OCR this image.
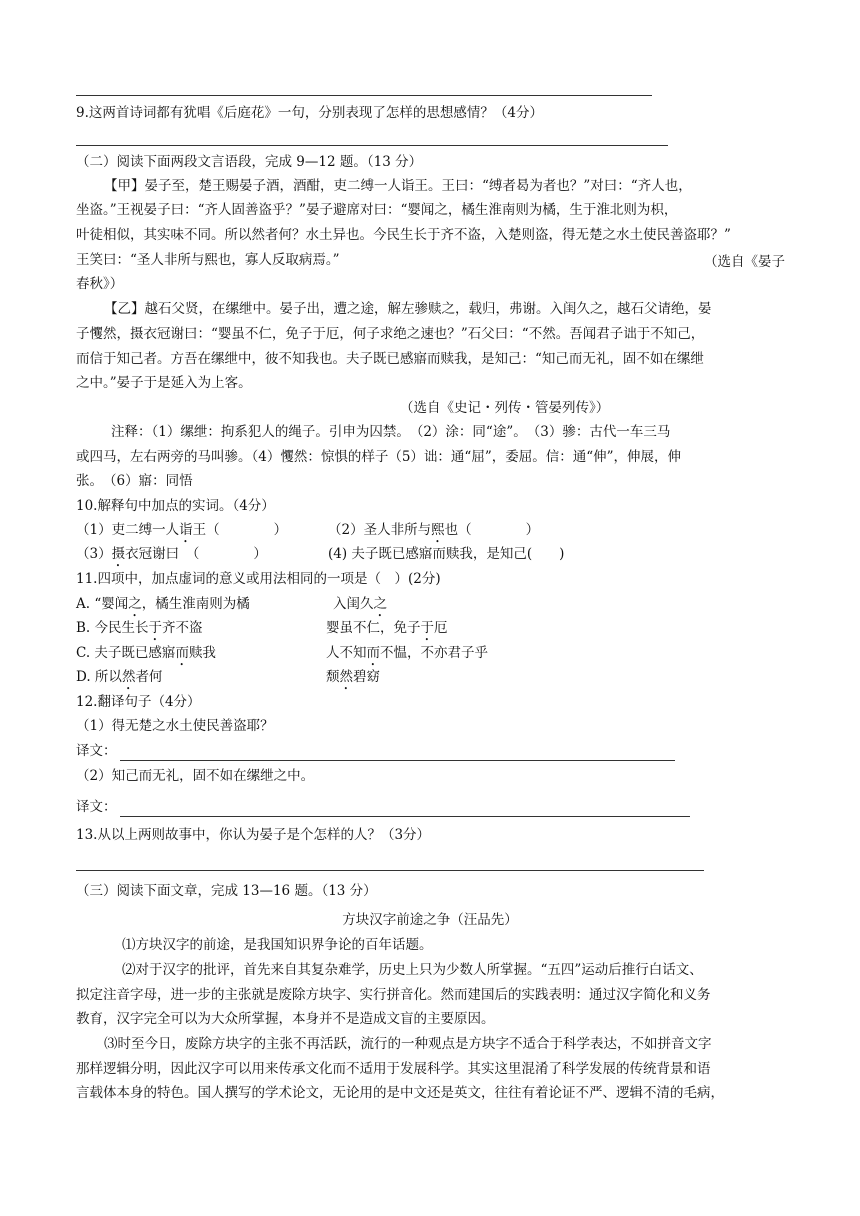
9.这两首诗词都有犹唱《后庭花》一句，分别表现了怎样的思想感情？（4分）
（二）阅读下面两段文言语段，完成 9—12 题。（13 分）
【甲】晏子至，楚王赐晏子酒，酒酣，吏二缚一人诣王。王曰：“缚者曷为者也？”对曰：“齐人也，
坐盗。”王视晏子曰：“齐人固善盗乎？”晏子避席对曰：“婴闻之，橘生淮南则为橘，生于淮北则为枳，
叶徒相似，其实味不同。所以然者何？水土异也。今民生长于齐不盗，入楚则盗，得无楚之水土使民善盗耶？”
王笑曰：“圣人非所与熙也，寡人反取病焉。”	（选自《晏子
春秋》）
【乙】越石父贤，在缧绁中。晏子出，遭之途，解左骖赎之，载归，弗谢。入闺久之，越石父请绝，晏
子戄然，摄衣冠谢曰：“婴虽不仁，免子于厄，何子求绝之速也？”石父曰：“不然。吾闻君子诎于不知己，
而信于知己者。方吾在缧绁中，彼不知我也。夫子既已感寤而赎我，是知己：“知己而无礼，固不如在缧绁
之中。”晏子于是延入为上客。
（选自《史记・列传・管晏列传》）
注释：（1）缧绁：拘系犯人的绳子。引申为囚禁。　（2）涂：同“途”。　（3）骖：古代一车三马
或四马，左右两旁的马叫骖。（4）戄然：惊惧的样子（5）诎：通“屈”，委屈。信：通“伸”，伸展，伸
张。　（6）寤：同悟
10.解释句中加点的实词。（4分）
（1）吏二缚一人诣王（　　　　）	（2）圣人非所与熙也（　　　　）
（3）摄衣冠谢曰　（　　　　）	(4) 夫子既已感寤而赎我，是知己(　　)
11.四项中，加点虚词的意义或用法相同的一项是（　）(2分)
A. “婴闻之，橘生淮南则为橘	入闺久之
B. 今民生长于齐不盗	婴虽不仁，免子于厄
C. 夫子既已感寤而赎我	人不知而不愠，不亦君子乎
D. 所以然者何	颓然碧窈
12.翻译句子（4分）
（1）得无楚之水土使民善盗耶？
译文：
（2）知己而无礼，固不如在缧绁之中。
译文：
13.从以上两则故事中，你认为晏子是个怎样的人？（3分）
（三）阅读下面文章，完成 13—16 题。（13 分）
方块汉字前途之争（汪品先）
⑴方块汉字的前途，是我国知识界争论的百年话题。
⑵对于汉字的批评，首先来自其复杂难学，历史上只为少数人所掌握。“五四”运动后推行白话文、
拟定注音字母，进一步的主张就是废除方块字、实行拼音化。然而建国后的实践表明：通过汉字简化和义务
教育，汉字完全可以为大众所掌握，本身并不是造成文盲的主要原因。
⑶时至今日，废除方块字的主张不再活跃，流行的一种观点是方块字不适合于科学表达，不如拼音文字
那样逻辑分明，因此汉字可以用来传承文化而不适用于发展科学。其实这里混淆了科学发展的传统背景和语
言载体本身的特色。国人撰写的学术论文，无论用的是中文还是英文，往往有着论证不严、逻辑不清的毛病，
